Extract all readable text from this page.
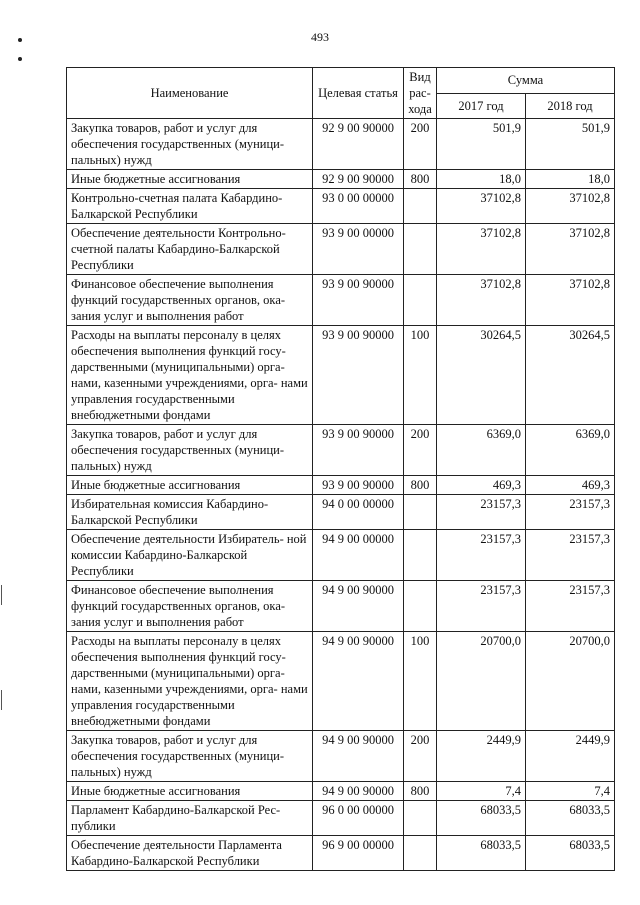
493
Наименование	Целевая статья	Вид рас- хода	Сумма	
			2017 год	2018 год
Закупка товаров, работ и услуг для обеспечения государственных (муници- пальных) нужд	92 9 00 90000	200	501,9	501,9
Иные бюджетные ассигнования	92 9 00 90000	800	18,0	18,0
Контрольно-счетная палата Кабардино- Балкарской Республики	93 0 00 00000		37102,8	37102,8
Обеспечение деятельности Контрольно- счетной палаты Кабардино-Балкарской Республики	93 9 00 00000		37102,8	37102,8
Финансовое обеспечение выполнения функций государственных органов, ока- зания услуг и выполнения работ	93 9 00 90000		37102,8	37102,8
Расходы на выплаты персоналу в целях обеспечения выполнения функций госу- дарственными (муниципальными) орга- нами, казенными учреждениями, орга- нами управления государственными внебюджетными фондами	93 9 00 90000	100	30264,5	30264,5
Закупка товаров, работ и услуг для обеспечения государственных (муници- пальных) нужд	93 9 00 90000	200	6369,0	6369,0
Иные бюджетные ассигнования	93 9 00 90000	800	469,3	469,3
Избирательная комиссия Кабардино- Балкарской Республики	94 0 00 00000		23157,3	23157,3
Обеспечение деятельности Избиратель- ной комиссии Кабардино-Балкарской Республики	94 9 00 00000		23157,3	23157,3
Финансовое обеспечение выполнения функций государственных органов, ока- зания услуг и выполнения работ	94 9 00 90000		23157,3	23157,3
Расходы на выплаты персоналу в целях обеспечения выполнения функций госу- дарственными (муниципальными) орга- нами, казенными учреждениями, орга- нами управления государственными внебюджетными фондами	94 9 00 90000	100	20700,0	20700,0
Закупка товаров, работ и услуг для обеспечения государственных (муници- пальных) нужд	94 9 00 90000	200	2449,9	2449,9
Иные бюджетные ассигнования	94 9 00 90000	800	7,4	7,4
Парламент Кабардино-Балкарской Рес- публики	96 0 00 00000		68033,5	68033,5
Обеспечение деятельности Парламента Кабардино-Балкарской Республики	96 9 00 00000		68033,5	68033,5
